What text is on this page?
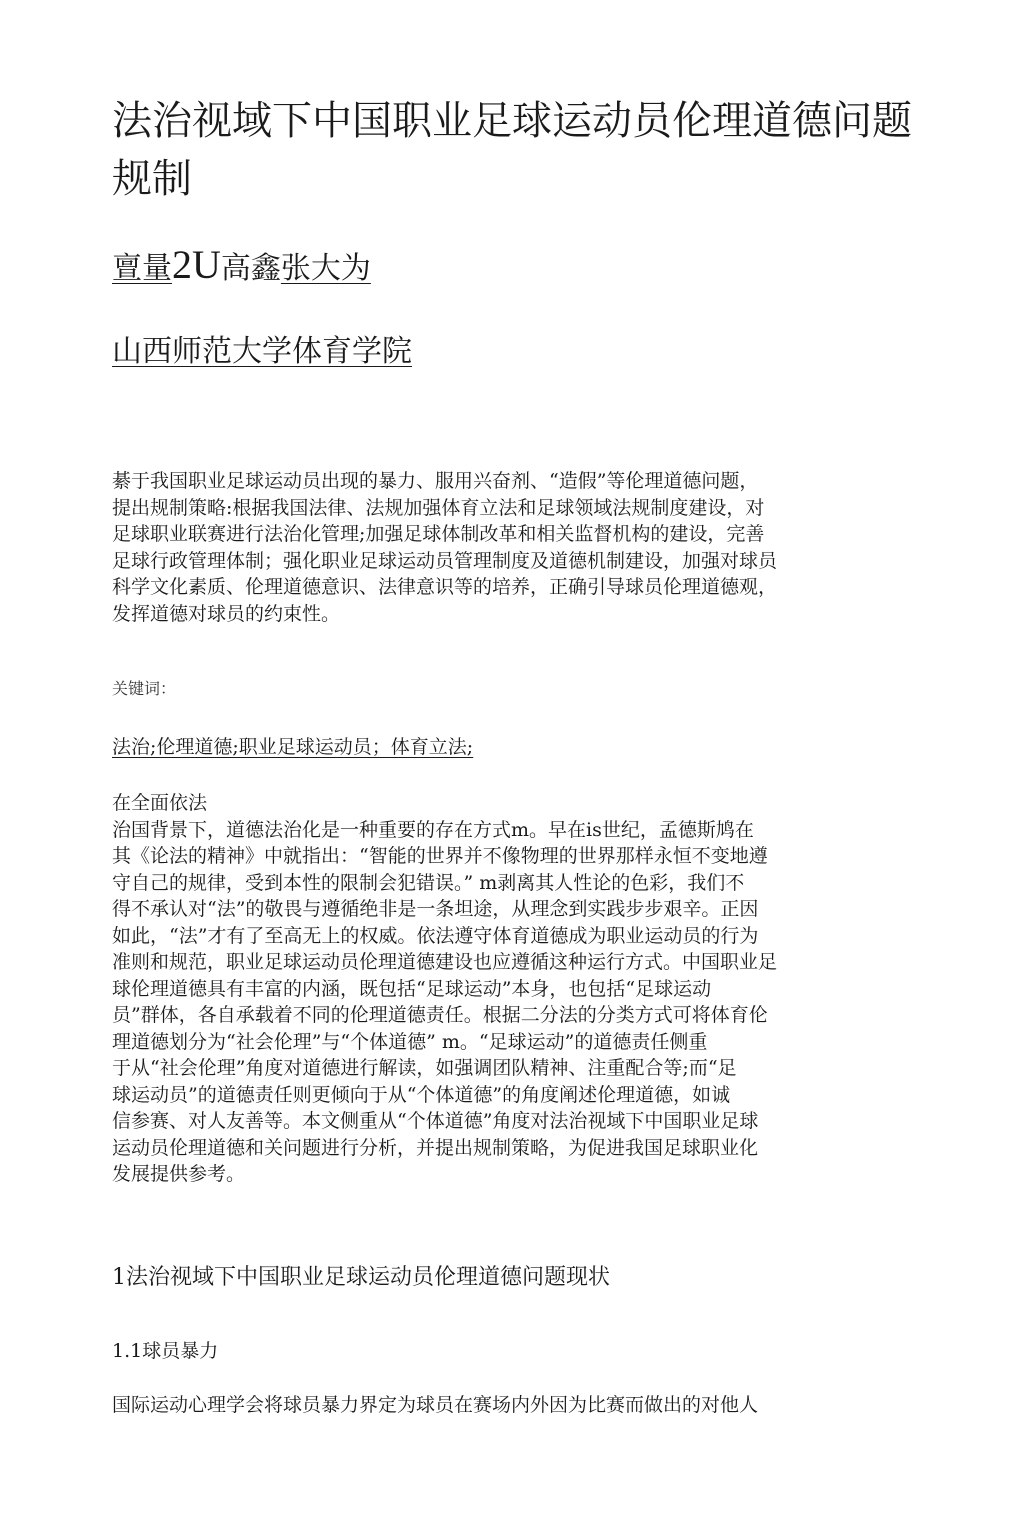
法治视域下中国职业足球运动员伦理道德问题规制

亶量2U高鑫张大为

山西师范大学体育学院

綦于我国职业足球运动员出现的暴力、服用兴奋剂、“造假”等伦理道德问题，
提出规制策略:根据我国法律、法规加强体育立法和足球领域法规制度建设，对
足球职业联赛进行法治化管理;加强足球体制改革和相关监督机构的建设，完善
足球行政管理体制；强化职业足球运动员管理制度及道德机制建设，加强对球员
科学文化素质、伦理道德意识、法律意识等的培养，正确引导球员伦理道德观，
发挥道德对球员的约束性。

关键词：

法治;伦理道德;职业足球运动员；体育立法;

在全面依法
治国背景下，道德法治化是一种重要的存在方式m。早在is世纪，孟德斯鸠在
其《论法的精神》中就指出：“智能的世界并不像物理的世界那样永恒不变地遵
守自己的规律，受到本性的限制会犯错误。” m剥离其人性论的色彩，我们不
得不承认对“法”的敬畏与遵循绝非是一条坦途，从理念到实践步步艰辛。正因
如此，“法”才有了至高无上的权威。依法遵守体育道德成为职业运动员的行为
准则和规范，职业足球运动员伦理道德建设也应遵循这种运行方式。中国职业足
球伦理道德具有丰富的内涵，既包括“足球运动”本身，也包括“足球运动
员”群体，各自承载着不同的伦理道德责任。根据二分法的分类方式可将体育伦
理道德划分为“社会伦理”与“个体道德” m。“足球运动”的道德责任侧重
于从“社会伦理”角度对道德进行解读，如强调团队精神、注重配合等;而“足
球运动员”的道德责任则更倾向于从“个体道德”的角度阐述伦理道德，如诚
信参赛、对人友善等。本文侧重从“个体道德”角度对法治视域下中国职业足球
运动员伦理道德和关问题进行分析，并提出规制策略，为促进我国足球职业化
发展提供参考。

1法治视域下中国职业足球运动员伦理道德问题现状
1.1球员暴力

国际运动心理学会将球员暴力界定为球员在赛场内外因为比赛而做出的对他人
